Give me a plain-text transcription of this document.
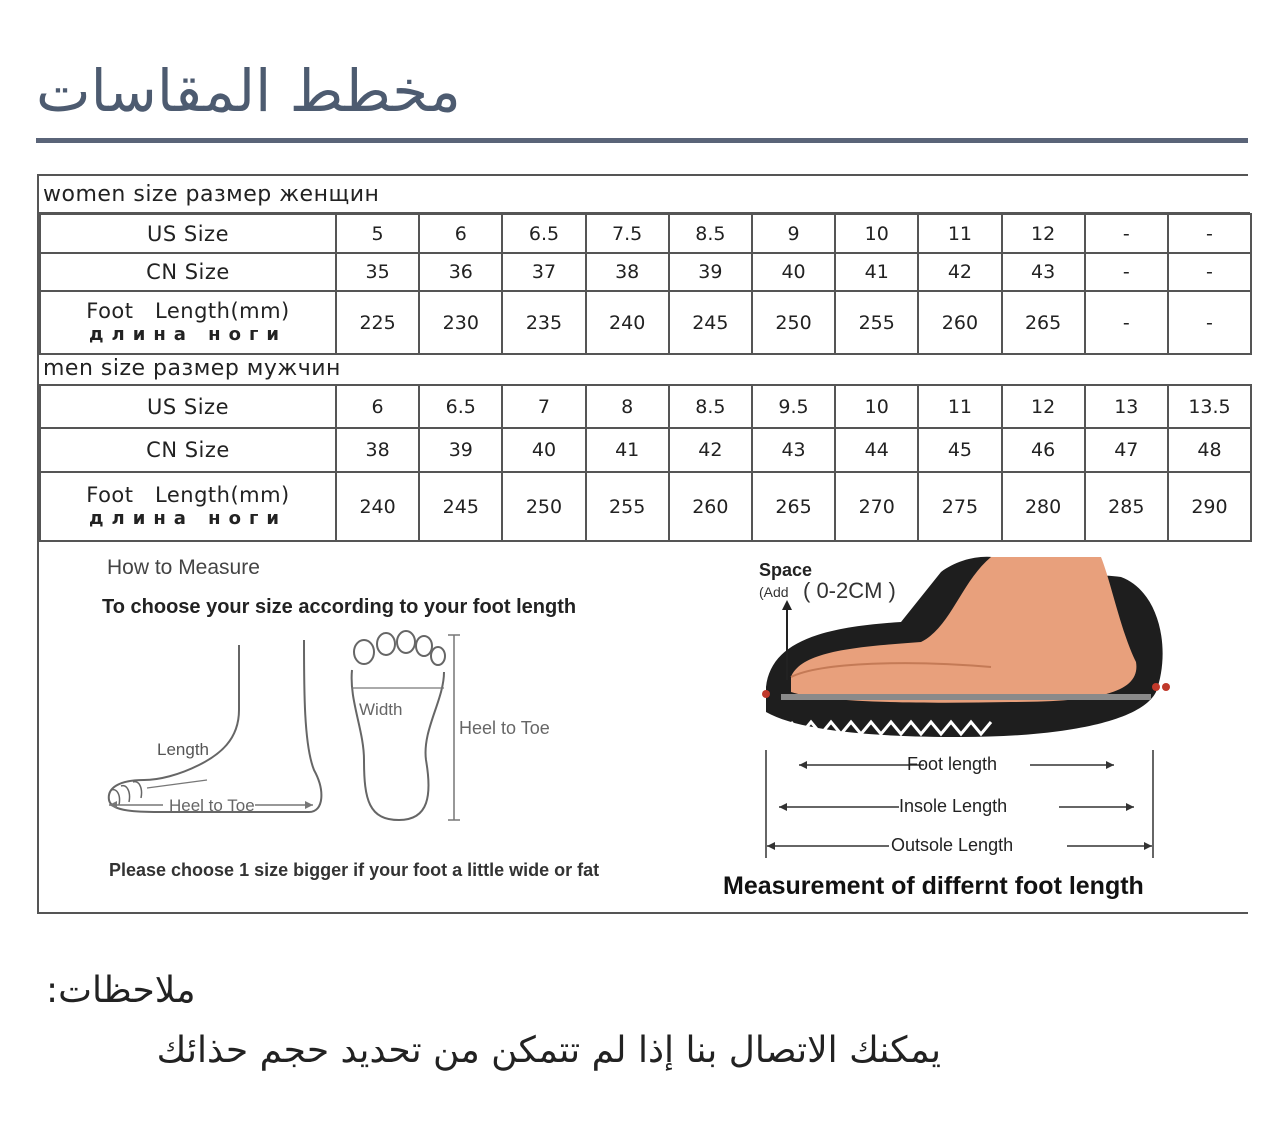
مخطط المقاسات
women size размер женщин
US Size	5	6	6.5	7.5	8.5	9	10	11	12	-	-
CN Size	35	36	37	38	39	40	41	42	43	-	-

Foot   Length(mm)
длина ноги	225	230	235	240	245	250	255	260	265	-	-
men size размер мужчин
US Size	6	6.5	7	8	8.5	9.5	10	11	12	13	13.5
CN Size	38	39	40	41	42	43	44	45	46	47	48

Foot   Length(mm)
длина ноги	240	245	250	255	260	265	270	275	280	285	290
How to Measure
To choose your size according to your foot length
Length
Heel to Toe
Width
Heel to Toe
Please choose 1 size bigger if your foot a little wide or fat
Space
(Add ( 0-2CM )
Foot length
Insole Length
Outsole Length
Measurement of differnt foot length
:ملاحظات
يمكنك الاتصال بنا إذا لم تتمكن من تحديد حجم حذائك
